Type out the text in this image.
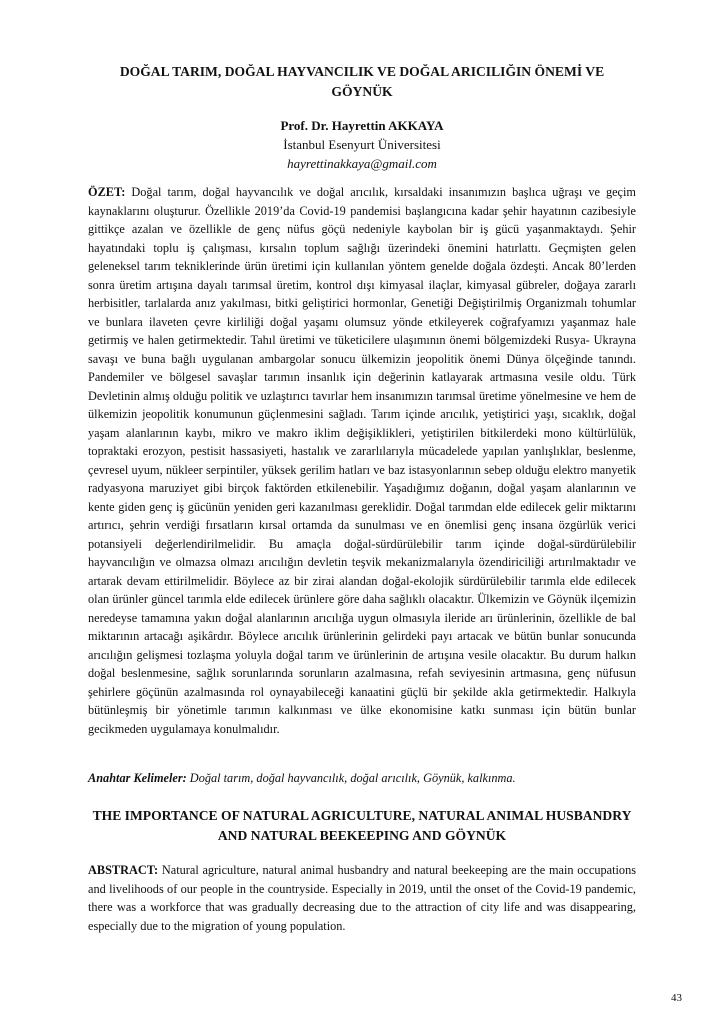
DOĞAL TARIM, DOĞAL HAYVANCILIK VE DOĞAL ARICILIĞIN ÖNEMİ VE GÖYNÜK
Prof. Dr. Hayrettin AKKAYA
İstanbul Esenyurt Üniversitesi
hayrettinakkaya@gmail.com

ÖZET: Doğal tarım, doğal hayvancılık ve doğal arıcılık, kırsaldaki insanımızın başlıca uğraşı ve geçim kaynaklarını oluşturur. Özellikle 2019’da Covid-19 pandemisi başlangıcına kadar şehir hayatının cazibesiyle gittikçe azalan ve özellikle de genç nüfus göçü nedeniyle kaybolan bir iş gücü yaşanmaktaydı. Şehir hayatındaki toplu iş çalışması, kırsalın toplum sağlığı üzerindeki önemini hatırlattı. Geçmişten gelen geleneksel tarım tekniklerinde ürün üretimi için kullanılan yöntem genelde doğala özdeşti. Ancak 80’lerden sonra üretim artışına dayalı tarımsal üretim, kontrol dışı kimyasal ilaçlar, kimyasal gübreler, doğaya zararlı herbisitler, tarlalarda anız yakılması, bitki geliştirici hormonlar, Genetiği Değiştirilmiş Organizmalı tohumlar ve bunlara ilaveten çevre kirliliği doğal yaşamı olumsuz yönde etkileyerek coğrafyamızı yaşanmaz hale getirmiş ve halen getirmektedir. Tahıl üretimi ve tüketicilere ulaşımının önemi bölgemizdeki Rusya- Ukrayna savaşı ve buna bağlı uygulanan ambargolar sonucu ülkemizin jeopolitik önemi Dünya ölçeğinde tanındı. Pandemiler ve bölgesel savaşlar tarımın insanlık için değerinin katlayarak artmasına vesile oldu. Türk Devletinin almış olduğu politik ve uzlaştırıcı tavırlar hem insanımızın tarımsal üretime yönelmesine ve hem de ülkemizin jeopolitik konumunun güçlenmesini sağladı. Tarım içinde arıcılık, yetiştirici yaşı, sıcaklık, doğal yaşam alanlarının kaybı, mikro ve makro iklim değişiklikleri, yetiştirilen bitkilerdeki mono kültürlülük, topraktaki erozyon, pestisit hassasiyeti, hastalık ve zararlılarıyla mücadelede yapılan yanlışlıklar, beslenme, çevresel uyum, nükleer serpintiler, yüksek gerilim hatları ve baz istasyonlarının sebep olduğu elektro manyetik radyasyona maruziyet gibi birçok faktörden etkilenebilir. Yaşadığımız doğanın, doğal yaşam alanlarının ve kente giden genç iş gücünün yeniden geri kazanılması gereklidir. Doğal tarımdan elde edilecek gelir miktarını artırıcı, şehrin verdiği fırsatların kırsal ortamda da sunulması ve en önemlisi genç insana özgürlük verici potansiyeli değerlendirilmelidir. Bu amaçla doğal-sürdürülebilir tarım içinde doğal-sürdürülebilir hayvancılığın ve olmazsa olmazı arıcılığın devletin teşvik mekanizmalarıyla özendiriciliği artırılmaktadır ve artarak devam ettirilmelidir. Böylece az bir zirai alandan doğal-ekolojik sürdürülebilir tarımla elde edilecek olan ürünler güncel tarımla elde edilecek ürünlere göre daha sağlıklı olacaktır. Ülkemizin ve Göynük ilçemizin neredeyse tamamına yakın doğal alanlarının arıcılığa uygun olmasıyla ileride arı ürünlerinin, özellikle de bal miktarının artacağı aşikârdır. Böylece arıcılık ürünlerinin gelirdeki payı artacak ve bütün bunlar sonucunda arıcılığın gelişmesi tozlaşma yoluyla doğal tarım ve ürünlerinin de artışına vesile olacaktır. Bu durum halkın doğal beslenmesine, sağlık sorunlarında sorunların azalmasına, refah seviyesinin artmasına, genç nüfusun şehirlere göçünün azalmasında rol oynayabileceği kanaatini güçlü bir şekilde akla getirmektedir. Halkıyla bütünleşmiş bir yönetimle tarımın kalkınması ve ülke ekonomisine katkı sunması için bütün bunlar gecikmeden uygulamaya konulmalıdır.

Anahtar Kelimeler: Doğal tarım, doğal hayvancılık, doğal arıcılık, Göynük, kalkınma.

THE IMPORTANCE OF NATURAL AGRICULTURE, NATURAL ANIMAL HUSBANDRY AND NATURAL BEEKEEPING AND GÖYNÜK

ABSTRACT: Natural agriculture, natural animal husbandry and natural beekeeping are the main occupations and livelihoods of our people in the countryside. Especially in 2019, until the onset of the Covid-19 pandemic, there was a workforce that was gradually decreasing due to the attraction of city life and was disappearing, especially due to the migration of young population.

43
